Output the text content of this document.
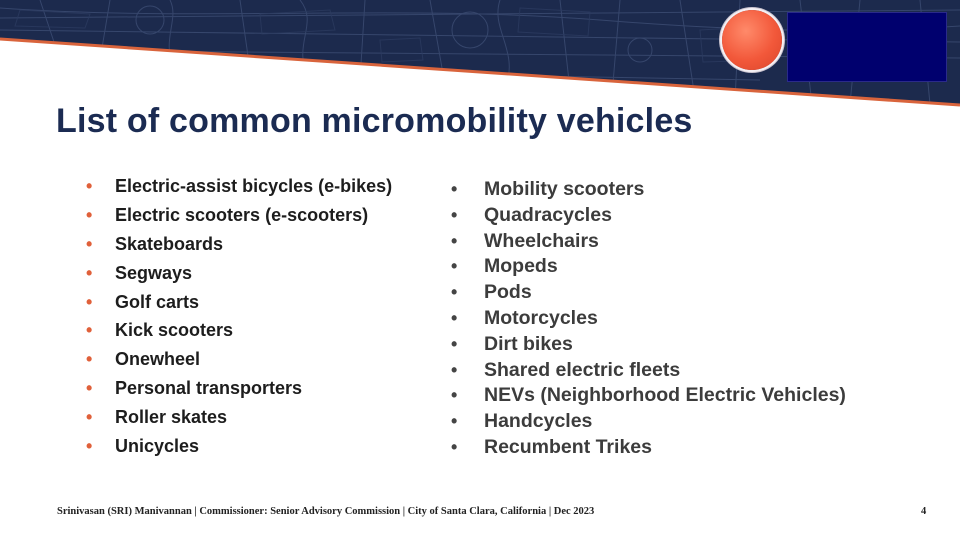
List of common micromobility vehicles
• Electric-assist bicycles (e-bikes)
• Electric scooters (e-scooters)
• Skateboards
• Segways
• Golf carts
• Kick scooters
• Onewheel
• Personal transporters
• Roller skates
• Unicycles
• Mobility scooters
• Quadracycles
• Wheelchairs
• Mopeds
• Pods
• Motorcycles
• Dirt bikes
• Shared electric fleets
• NEVs (Neighborhood Electric Vehicles)
• Handcycles
• Recumbent Trikes

Srinivasan (SRI) Manivannan | Commissioner: Senior Advisory Commission | City of Santa Clara, California | Dec 2023	4
